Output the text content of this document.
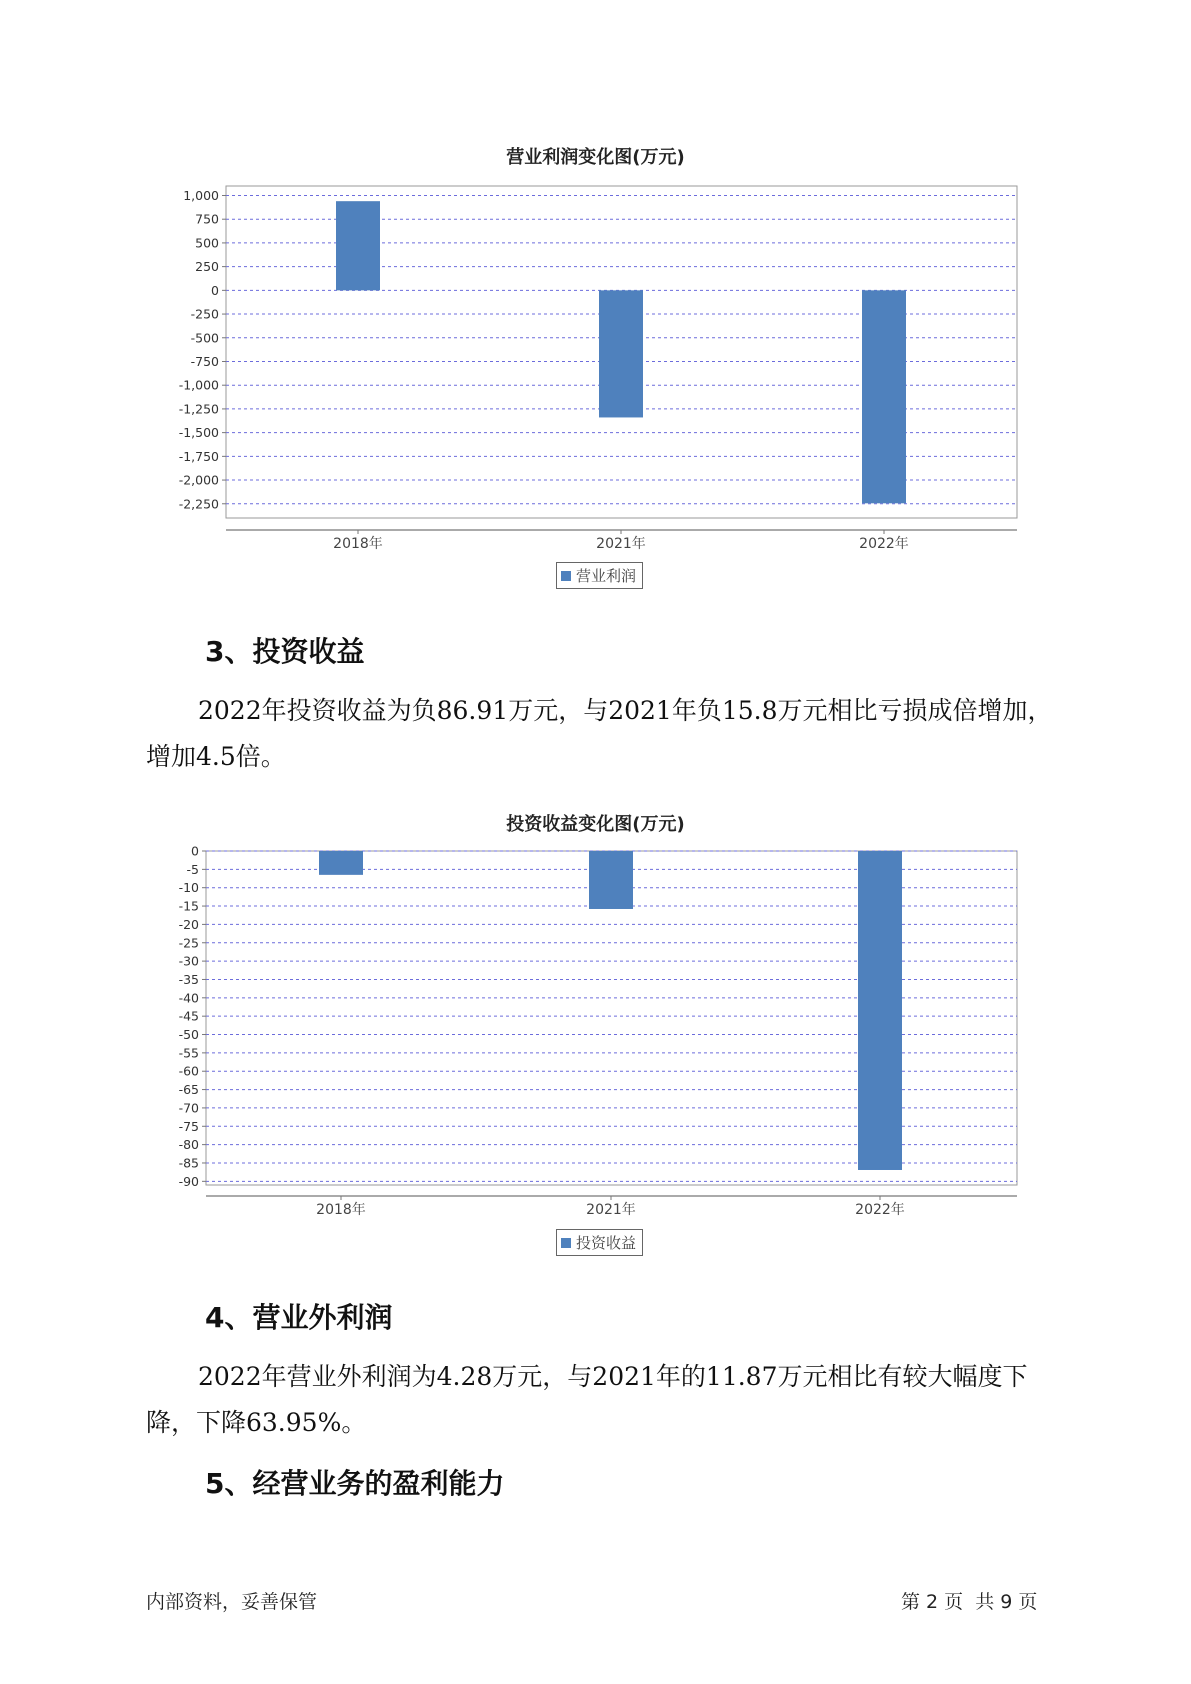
营业利润变化图(万元)
1,000
750
500
250
0
-250
-500
-750
-1,000
-1,250
-1,500
-1,750
-2,000
-2,250
2018年	2021年	2022年
营业利润
3、投资收益
2022年投资收益为负86.91万元，与2021年负15.8万元相比亏损成倍增加，增加4.5倍。
投资收益变化图(万元)
0
-5
-10
-15
-20
-25
-30
-35
-40
-45
-50
-55
-60
-65
-70
-75
-80
-85
-90
2018年	2021年	2022年
投资收益
4、营业外利润
2022年营业外利润为4.28万元，与2021年的11.87万元相比有较大幅度下降，下降63.95%。
5、经营业务的盈利能力
内部资料，妥善保管	第 2 页  共 9 页
